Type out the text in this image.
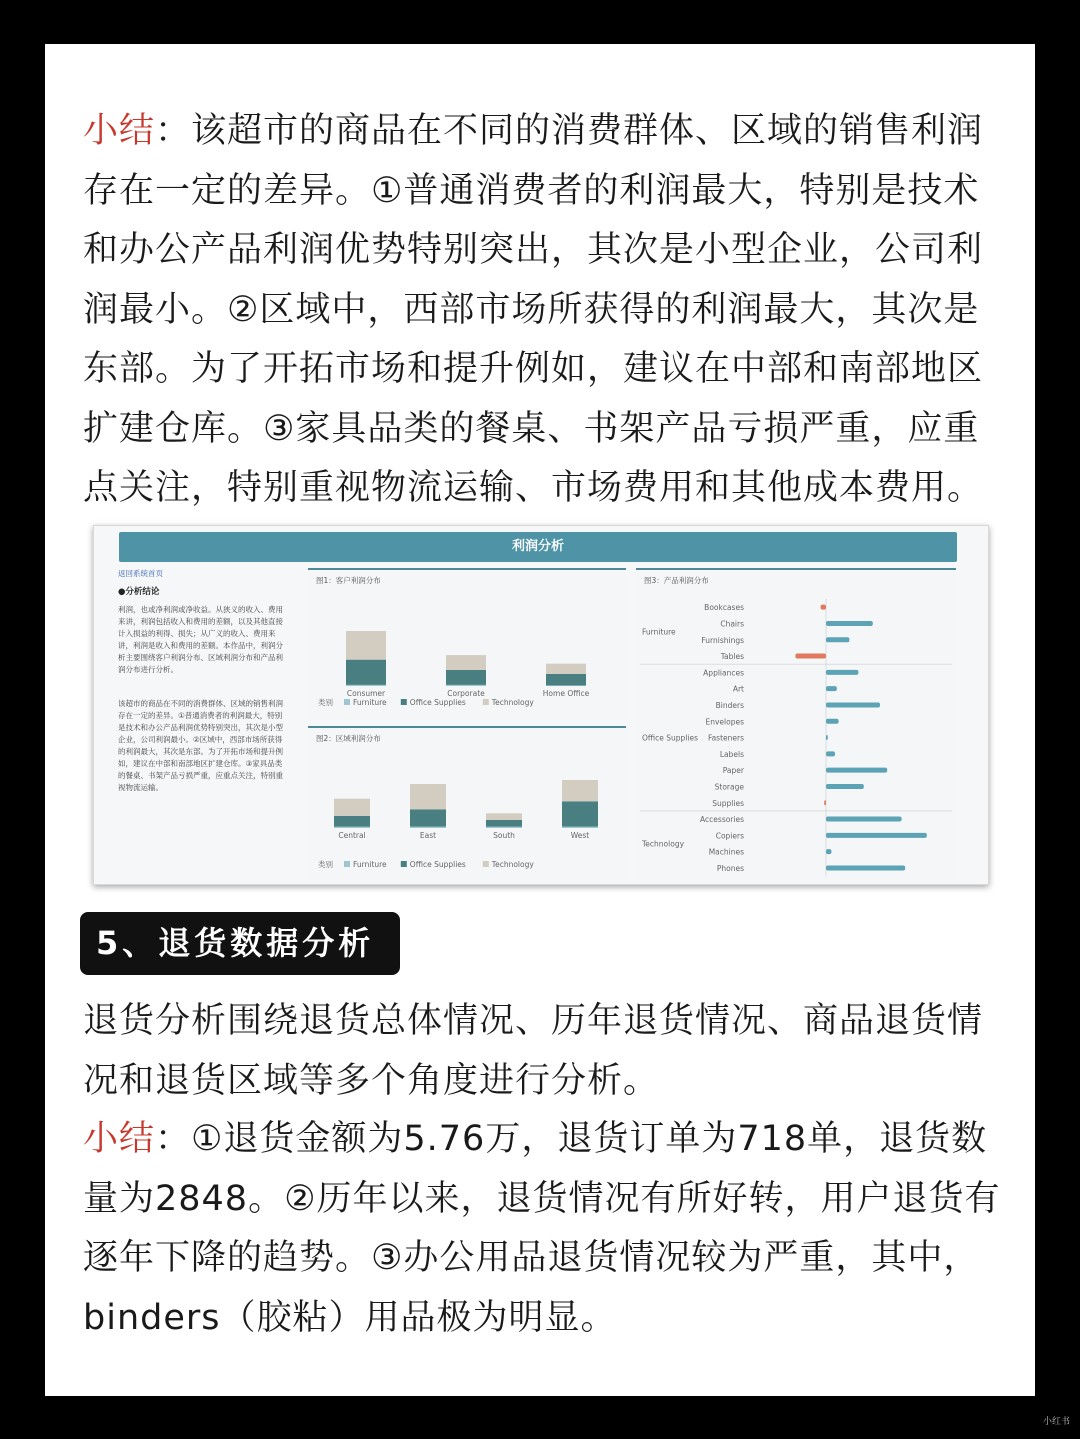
小结：该超市的商品在不同的消费群体、区域的销售利润存在一定的差异。①普通消费者的利润最大，特别是技术和办公产品利润优势特别突出，其次是小型企业，公司利润最小。②区域中，西部市场所获得的利润最大，其次是东部。为了开拓市场和提升例如，建议在中部和南部地区扩建仓库。③家具品类的餐桌、书架产品亏损严重，应重点关注，特别重视物流运输、市场费用和其他成本费用。

利润分析
返回系统首页
●分析结论

利润，也或净利润或净收益。从狭义的收入、费用来讲，利润包括收入和费用的差额，以及其他直接计入损益的利得、损失；从广义的收入、费用来讲，利润是收入和费用的差额。本作品中，利润分析主要围绕客户利润分布、区域利润分布和产品利润分布进行分析。

该超市的商品在不同的消费群体、区域的销售利润存在一定的差异。①普通消费者的利润最大，特别是技术和办公产品利润优势特别突出，其次是小型企业，公司利润最小。②区域中，西部市场所获得的利润最大，其次是东部。为了开拓市场和提升例如，建议在中部和南部地区扩建仓库。③家具品类的餐桌、书架产品亏损严重，应重点关注，特别重视物流运输。

图1：客户利润分布
Consumer	Corporate	Home Office
类别	Furniture	Office Supplies	Technology
图2：区域利润分布
Central	East	South	West
类别	Furniture	Office Supplies	Technology
图3：产品利润分布
Furniture
Office Supplies
Technology
Bookcases
Chairs
Furnishings
Tables
Appliances
Art
Binders
Envelopes
Fasteners
Labels
Paper
Storage
Supplies
Accessories
Copiers
Machines
Phones
5、退货数据分析

退货分析围绕退货总体情况、历年退货情况、商品退货情况和退货区域等多个角度进行分析。

小结：①退货金额为5.76万，退货订单为718单，退货数量为2848。②历年以来，退货情况有所好转，用户退货有逐年下降的趋势。③办公用品退货情况较为严重，其中，binders（胶粘）用品极为明显。

小红书
